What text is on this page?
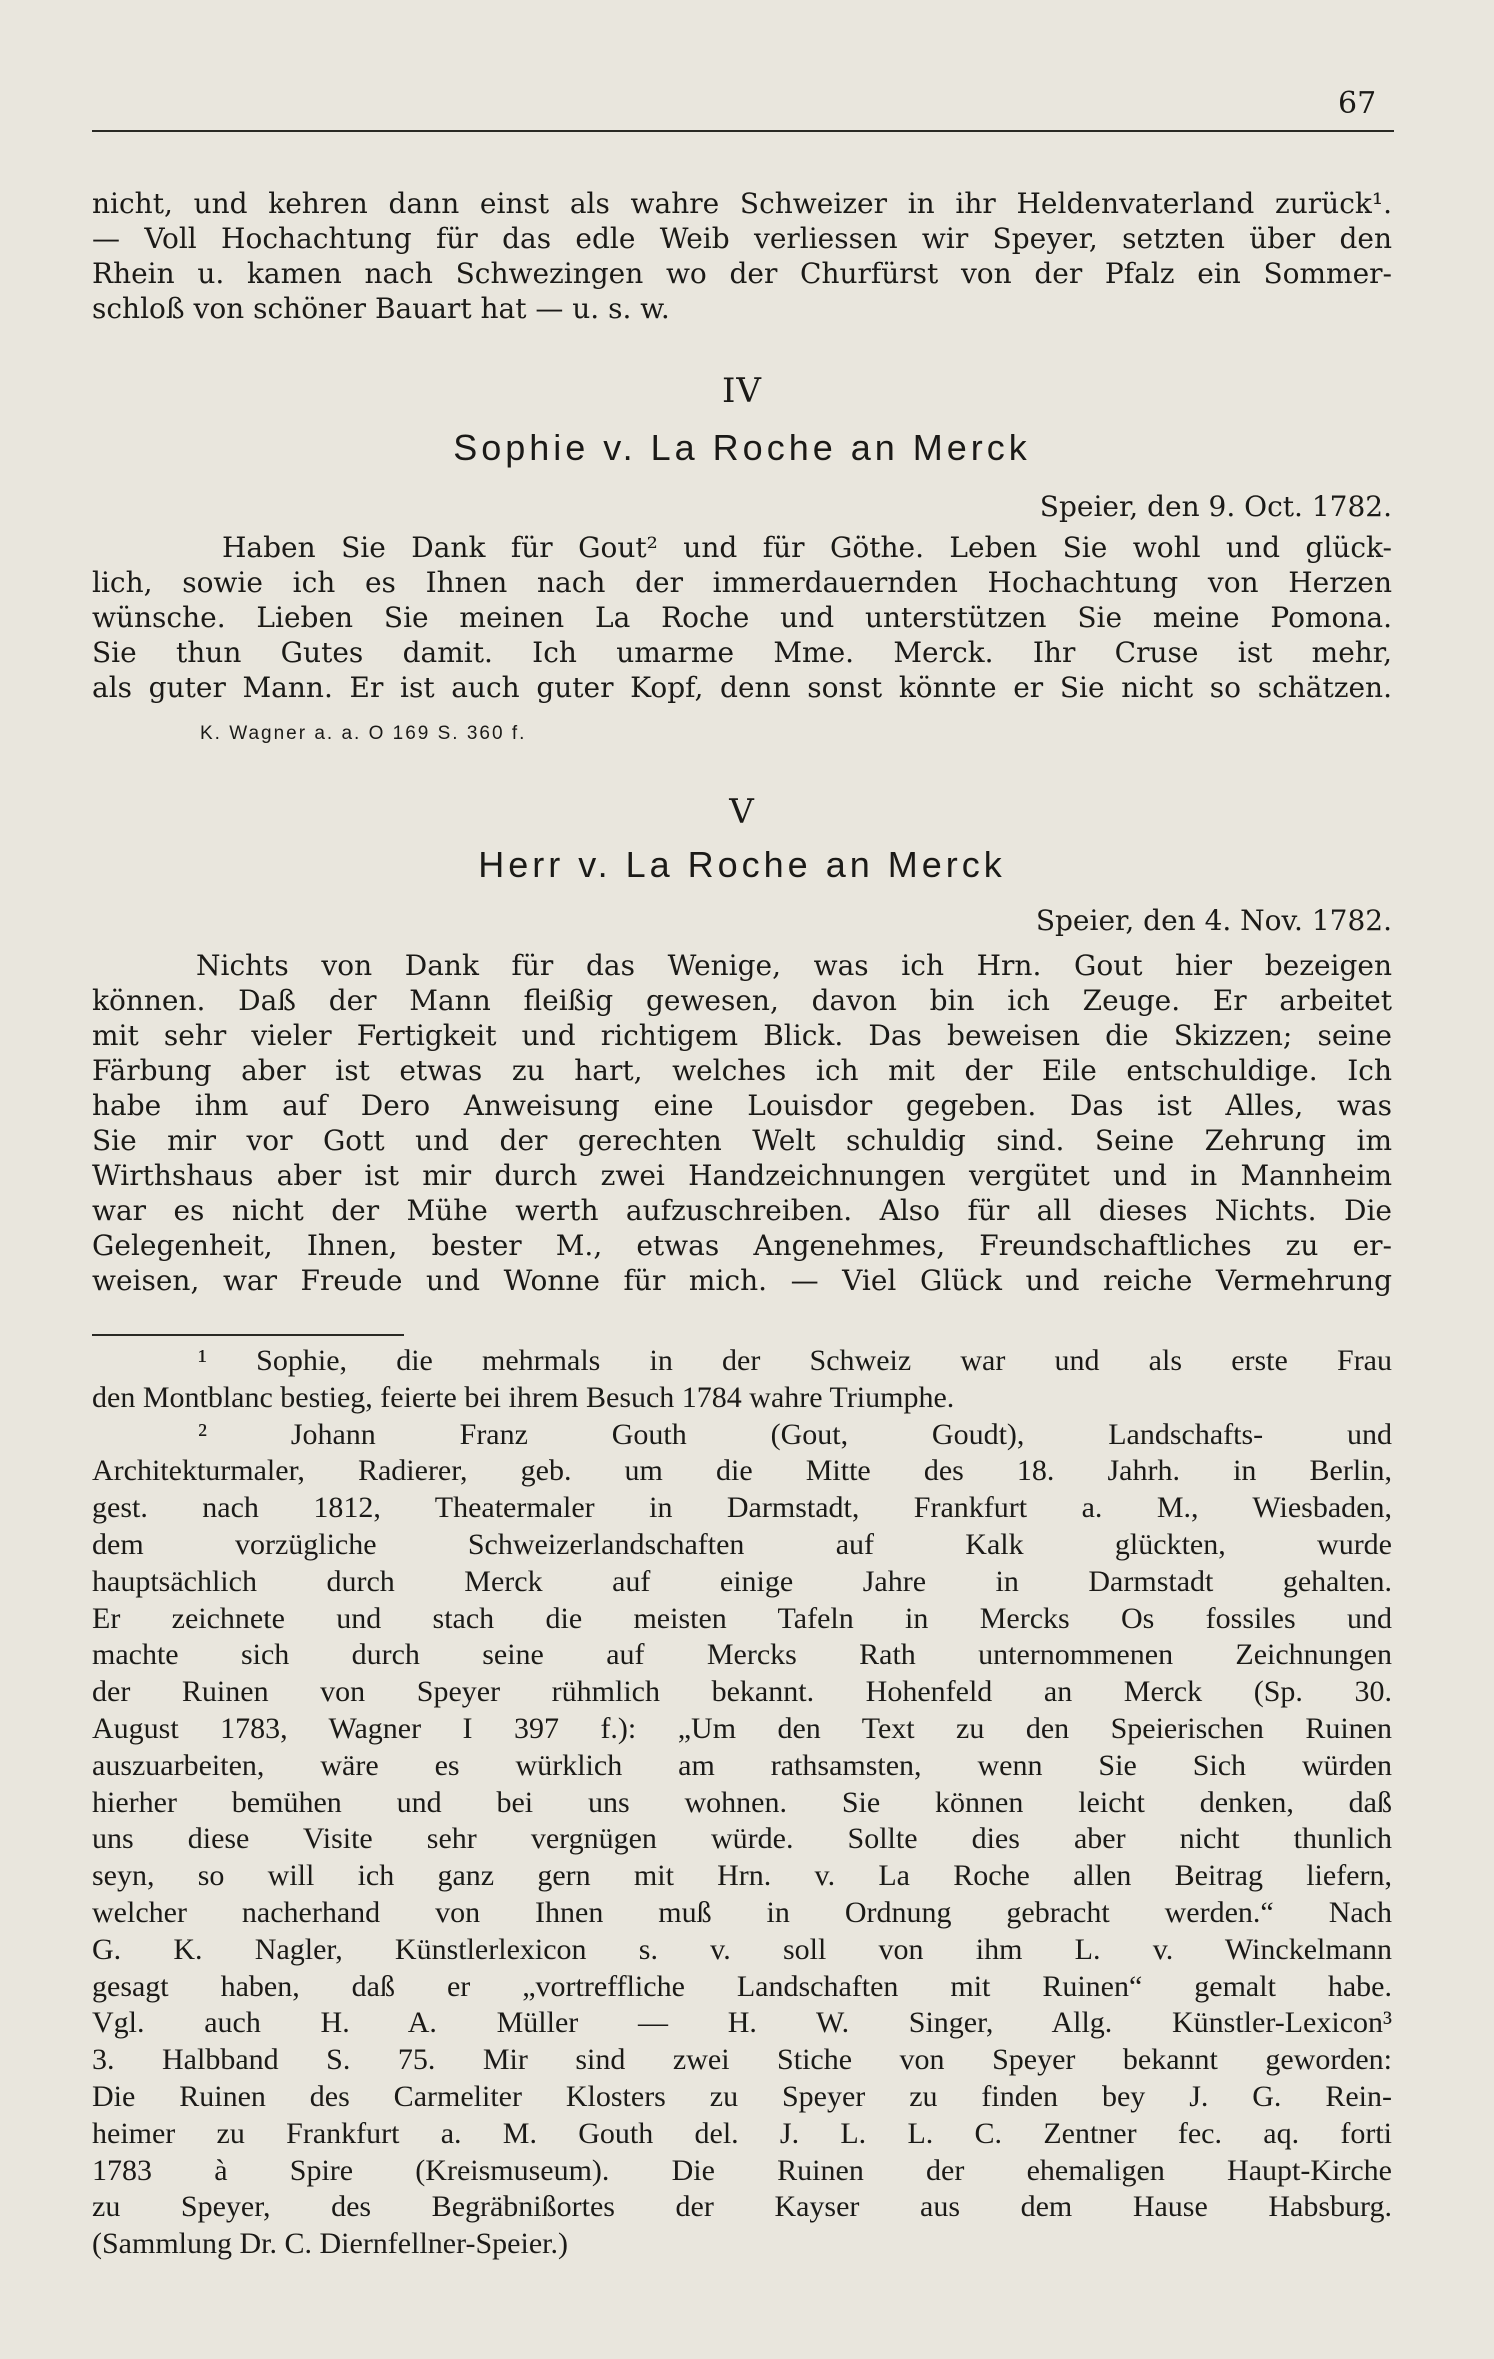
67
nicht, und kehren dann einst als wahre Schweizer in ihr Heldenvaterland zurück¹.
— Voll Hochachtung für das edle Weib verliessen wir Speyer, setzten über den
Rhein u. kamen nach Schwezingen wo der Churfürst von der Pfalz ein Sommer-
schloß von schöner Bauart hat — u. s. w.
IV
Sophie v. La Roche an Merck
Speier, den 9. Oct. 1782.
Haben Sie Dank für Gout² und für Göthe. Leben Sie wohl und glück-
lich, sowie ich es Ihnen nach der immerdauernden Hochachtung von Herzen
wünsche. Lieben Sie meinen La Roche und unterstützen Sie meine Pomona.
Sie thun Gutes damit. Ich umarme Mme. Merck. Ihr Cruse ist mehr,
als guter Mann. Er ist auch guter Kopf, denn sonst könnte er Sie nicht so schätzen.
K. Wagner a. a. O 169 S. 360 f.
V
Herr v. La Roche an Merck
Speier, den 4. Nov. 1782.
Nichts von Dank für das Wenige, was ich Hrn. Gout hier bezeigen
können. Daß der Mann fleißig gewesen, davon bin ich Zeuge. Er arbeitet
mit sehr vieler Fertigkeit und richtigem Blick. Das beweisen die Skizzen; seine
Färbung aber ist etwas zu hart, welches ich mit der Eile entschuldige. Ich
habe ihm auf Dero Anweisung eine Louisdor gegeben. Das ist Alles, was
Sie mir vor Gott und der gerechten Welt schuldig sind. Seine Zehrung im
Wirthshaus aber ist mir durch zwei Handzeichnungen vergütet und in Mannheim
war es nicht der Mühe werth aufzuschreiben. Also für all dieses Nichts. Die
Gelegenheit, Ihnen, bester M., etwas Angenehmes, Freundschaftliches zu er-
weisen, war Freude und Wonne für mich. — Viel Glück und reiche Vermehrung
¹ Sophie, die mehrmals in der Schweiz war und als erste Frau
den Montblanc bestieg, feierte bei ihrem Besuch 1784 wahre Triumphe.
² Johann Franz Gouth (Gout, Goudt), Landschafts- und
Architekturmaler, Radierer, geb. um die Mitte des 18. Jahrh. in Berlin,
gest. nach 1812, Theatermaler in Darmstadt, Frankfurt a. M., Wiesbaden,
dem vorzügliche Schweizerlandschaften auf Kalk glückten, wurde
hauptsächlich durch Merck auf einige Jahre in Darmstadt gehalten.
Er zeichnete und stach die meisten Tafeln in Mercks Os fossiles und
machte sich durch seine auf Mercks Rath unternommenen Zeichnungen
der Ruinen von Speyer rühmlich bekannt. Hohenfeld an Merck (Sp. 30.
August 1783, Wagner I 397 f.): „Um den Text zu den Speierischen Ruinen
auszuarbeiten, wäre es würklich am rathsamsten, wenn Sie Sich würden
hierher bemühen und bei uns wohnen. Sie können leicht denken, daß
uns diese Visite sehr vergnügen würde. Sollte dies aber nicht thunlich
seyn, so will ich ganz gern mit Hrn. v. La Roche allen Beitrag liefern,
welcher nacherhand von Ihnen muß in Ordnung gebracht werden.“ Nach
G. K. Nagler, Künstlerlexicon s. v. soll von ihm L. v. Winckelmann
gesagt haben, daß er „vortreffliche Landschaften mit Ruinen“ gemalt habe.
Vgl. auch H. A. Müller — H. W. Singer, Allg. Künstler-Lexicon³
3. Halbband S. 75. Mir sind zwei Stiche von Speyer bekannt geworden:
Die Ruinen des Carmeliter Klosters zu Speyer zu finden bey J. G. Rein-
heimer zu Frankfurt a. M. Gouth del. J. L. L. C. Zentner fec. aq. forti
1783 à Spire (Kreismuseum). Die Ruinen der ehemaligen Haupt-Kirche
zu Speyer, des Begräbnißortes der Kayser aus dem Hause Habsburg.
(Sammlung Dr. C. Diernfellner-Speier.)
